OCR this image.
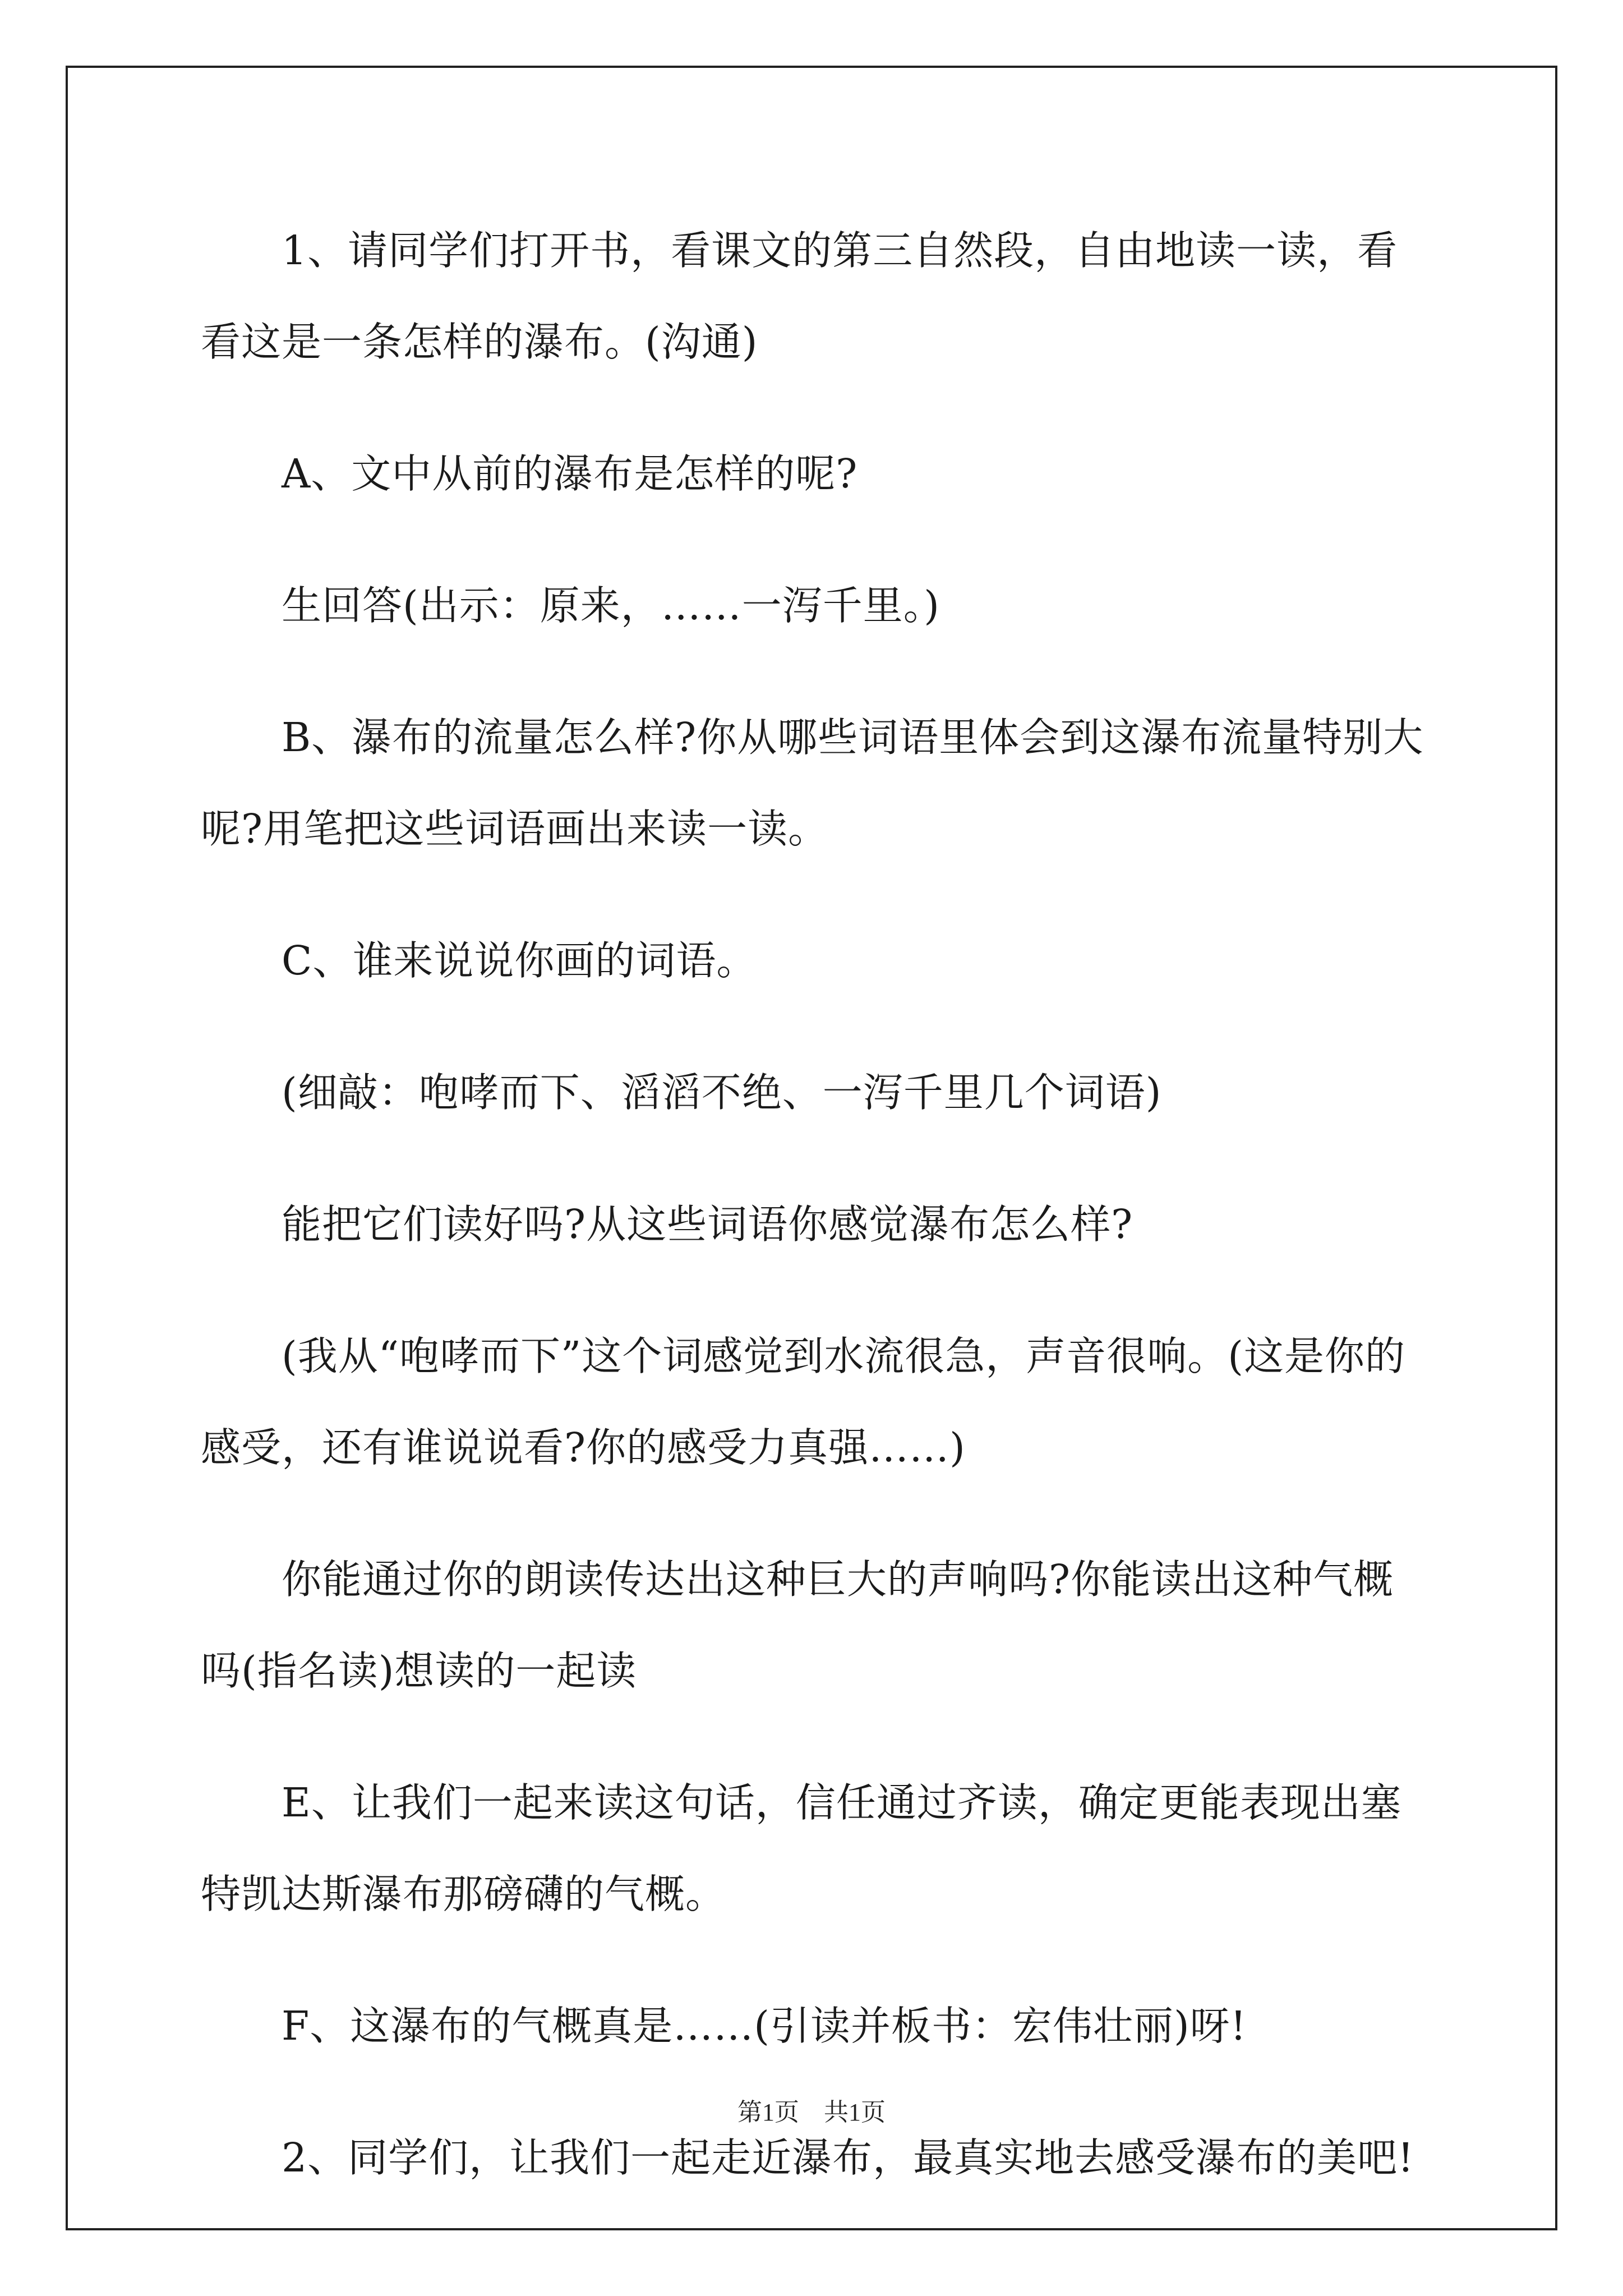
1、请同学们打开书，看课文的第三自然段，自由地读一读，看看这是一条怎样的瀑布。(沟通)

A、文中从前的瀑布是怎样的呢?

生回答(出示：原来，……一泻千里。)

B、瀑布的流量怎么样?你从哪些词语里体会到这瀑布流量特别大呢?用笔把这些词语画出来读一读。

C、谁来说说你画的词语。

(细敲：咆哮而下、滔滔不绝、一泻千里几个词语)

能把它们读好吗?从这些词语你感觉瀑布怎么样?

(我从“咆哮而下”这个词感觉到水流很急，声音很响。(这是你的感受，还有谁说说看?你的感受力真强……)

你能通过你的朗读传达出这种巨大的声响吗?你能读出这种气概吗(指名读)想读的一起读

E、让我们一起来读这句话，信任通过齐读，确定更能表现出塞特凯达斯瀑布那磅礴的气概。

F、这瀑布的气概真是……(引读并板书：宏伟壮丽)呀!

2、同学们，让我们一起走近瀑布，最真实地去感受瀑布的美吧!

第1页　共1页
